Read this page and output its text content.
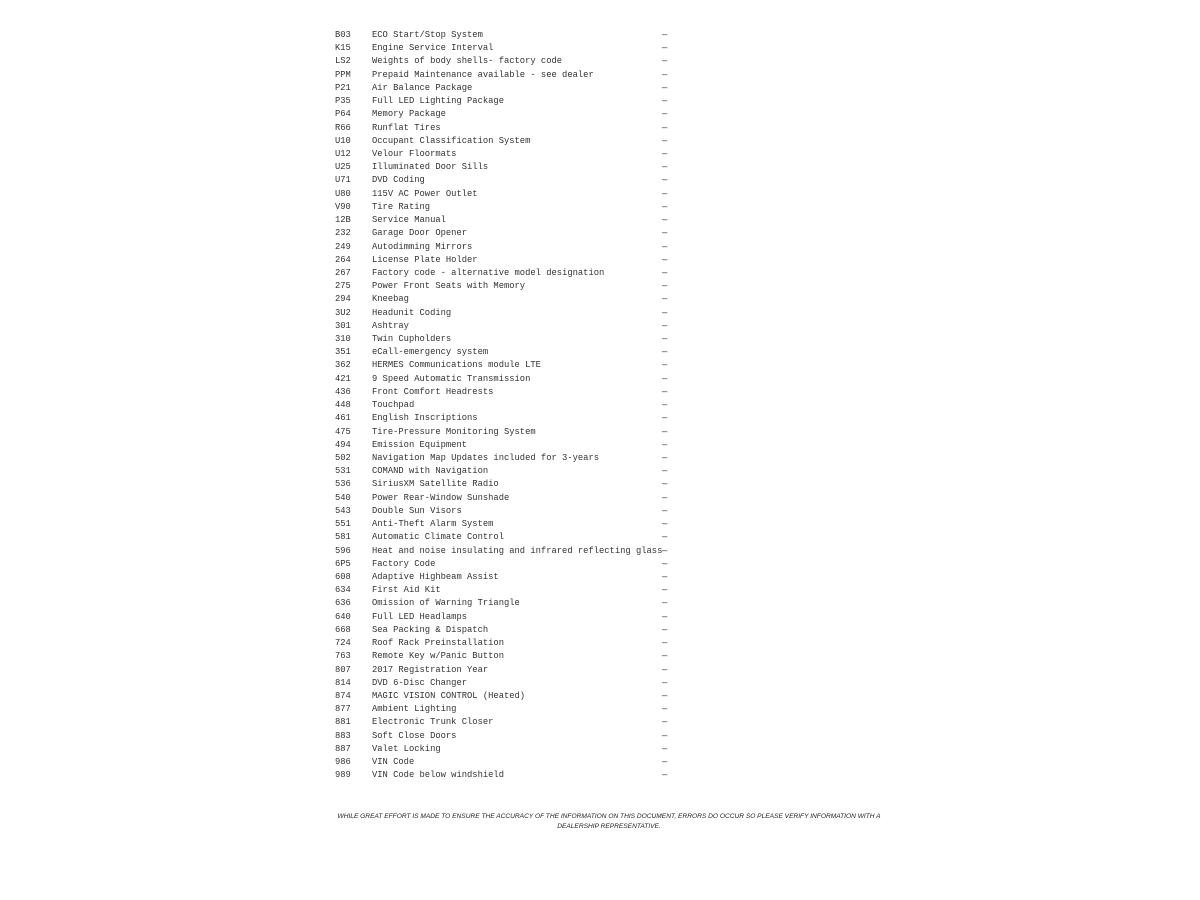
B03 ECO Start/Stop System	—
K15 Engine Service Interval	—
LS2 Weights of body shells- factory code	—
PPM Prepaid Maintenance available - see dealer	—
P21 Air Balance Package	—
P35 Full LED Lighting Package	—
P64 Memory Package	—
R66 Runflat Tires	—
U10 Occupant Classification System	—
U12 Velour Floormats	—
U25 Illuminated Door Sills	—
U71 DVD Coding	—
U80 115V AC Power Outlet	—
V90 Tire Rating	—
12B Service Manual	—
232 Garage Door Opener	—
249 Autodimming Mirrors	—
264 License Plate Holder	—
267 Factory code - alternative model designation	—
275 Power Front Seats with Memory	—
294 Kneebag	—
3U2 Headunit Coding	—
301 Ashtray	—
310 Twin Cupholders	—
351 eCall-emergency system	—
362 HERMES Communications module LTE	—
421 9 Speed Automatic Transmission	—
436 Front Comfort Headrests	—
448 Touchpad	—
461 English Inscriptions	—
475 Tire-Pressure Monitoring System	—
494 Emission Equipment	—
502 Navigation Map Updates included for 3-years	—
531 COMAND with Navigation	—
536 SiriusXM Satellite Radio	—
540 Power Rear-Window Sunshade	—
543 Double Sun Visors	—
551 Anti-Theft Alarm System	—
581 Automatic Climate Control	—
596 Heat and noise insulating and infrared reflecting glass —
6P5 Factory Code	—
608 Adaptive Highbeam Assist	—
634 First Aid Kit	—
636 Omission of Warning Triangle	—
640 Full LED Headlamps	—
668 Sea Packing & Dispatch	—
724 Roof Rack Preinstallation	—
763 Remote Key w/Panic Button	—
807 2017 Registration Year	—
814 DVD 6-Disc Changer	—
874 MAGIC VISION CONTROL (Heated)	—
877 Ambient Lighting	—
881 Electronic Trunk Closer	—
883 Soft Close Doors	—
887 Valet Locking	—
986 VIN Code	—
989 VIN Code below windshield	—
WHILE GREAT EFFORT IS MADE TO ENSURE THE ACCURACY OF THE INFORMATION ON THIS DOCUMENT, ERRORS DO OCCUR SO PLEASE VERIFY INFORMATION WITH A
DEALERSHIP REPRESENTATIVE.
